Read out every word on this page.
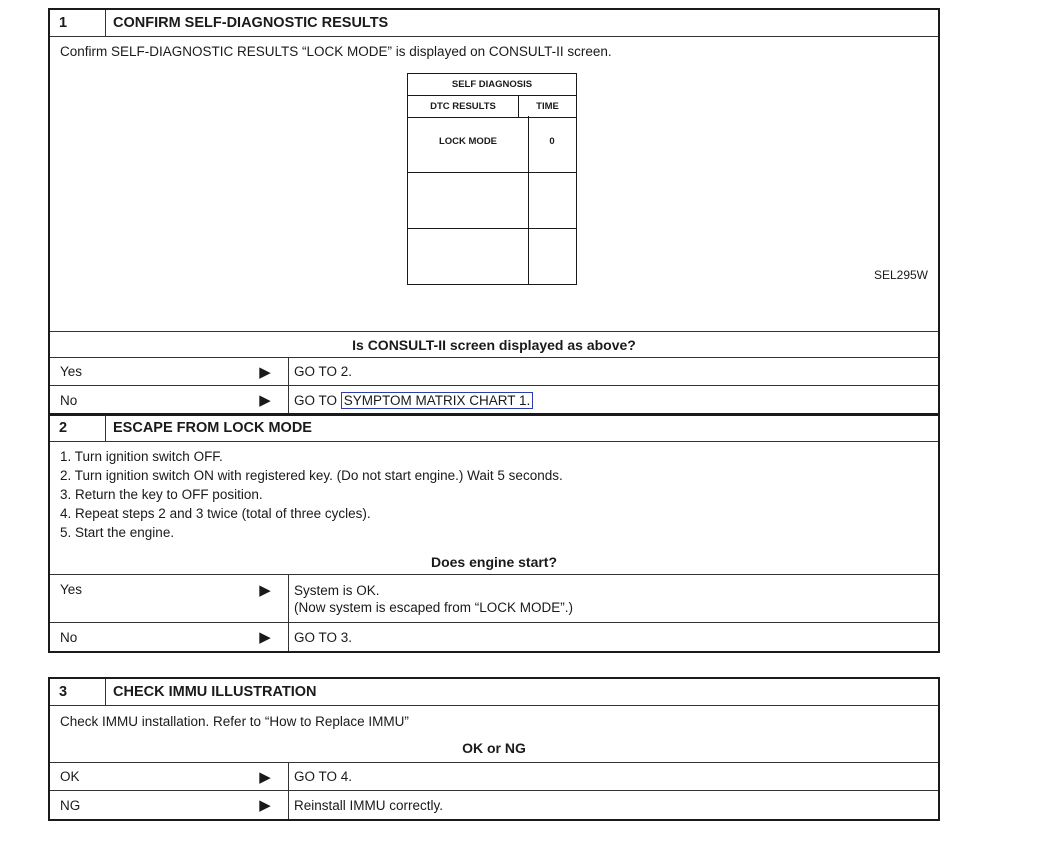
1	CONFIRM SELF-DIAGNOSTIC RESULTS
Confirm SELF-DIAGNOSTIC RESULTS “LOCK MODE” is displayed on CONSULT-II screen.
SELF DIAGNOSIS
DTC RESULTS	TIME
LOCK MODE	0
SEL295W
Is CONSULT-II screen displayed as above?
Yes	▶	GO TO 2.
No	▶	GO TO SYMPTOM MATRIX CHART 1.
2	ESCAPE FROM LOCK MODE
1. Turn ignition switch OFF.
2. Turn ignition switch ON with registered key. (Do not start engine.) Wait 5 seconds.
3. Return the key to OFF position.
4. Repeat steps 2 and 3 twice (total of three cycles).
5. Start the engine.
Does engine start?
Yes	▶	System is OK.
(Now system is escaped from “LOCK MODE”.)
No	▶	GO TO 3.
3	CHECK IMMU ILLUSTRATION
Check IMMU installation. Refer to “How to Replace IMMU”
OK or NG
OK	▶	GO TO 4.
NG	▶	Reinstall IMMU correctly.
